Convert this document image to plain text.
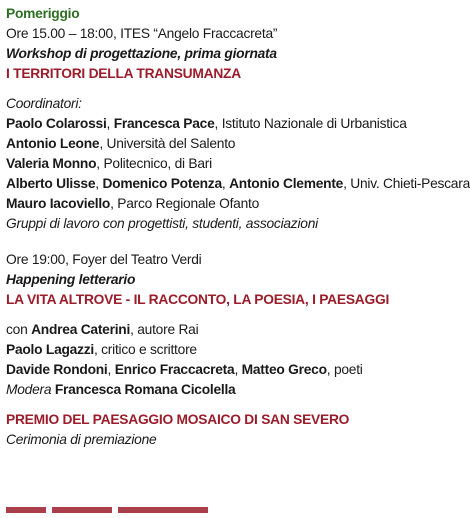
Pomeriggio
Ore 15.00 – 18:00, ITES “Angelo Fraccacreta”
Workshop di progettazione, prima giornata
I TERRITORI DELLA TRANSUMANZA
Coordinatori:
Paolo Colarossi, Francesca Pace, Istituto Nazionale di Urbanistica
Antonio Leone, Università del Salento
Valeria Monno, Politecnico, di Bari
Alberto Ulisse, Domenico Potenza, Antonio Clemente, Univ. Chieti-Pescara
Mauro Iacoviello, Parco Regionale Ofanto
Gruppi di lavoro con progettisti, studenti, associazioni
Ore 19:00, Foyer del Teatro Verdi
Happening letterario
LA VITA ALTROVE - IL RACCONTO, LA POESIA, I PAESAGGI
con Andrea Caterini, autore Rai
Paolo Lagazzi, critico e scrittore
Davide Rondoni, Enrico Fraccacreta, Matteo Greco, poeti
Modera Francesca Romana Cicolella
PREMIO DEL PAESAGGIO MOSAICO DI SAN SEVERO
Cerimonia di premiazione
